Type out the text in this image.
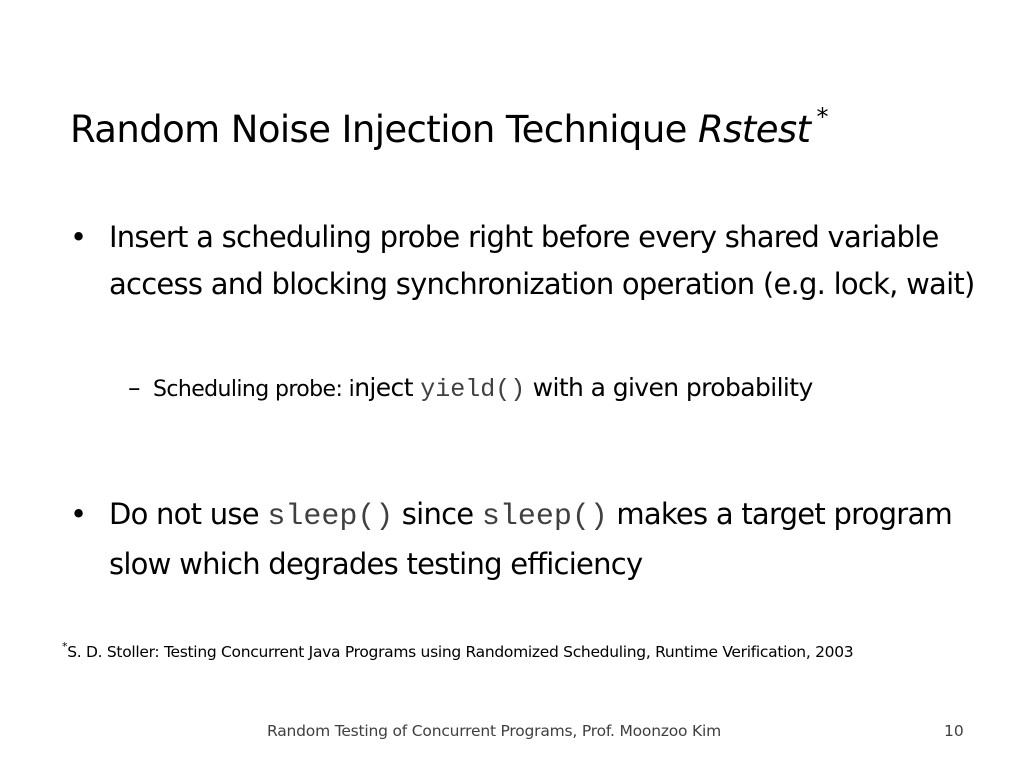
Random Noise Injection Technique Rstest *
• Insert a scheduling probe right before every shared variable access and blocking synchronization operation (e.g. lock, wait)
– Scheduling probe: inject yield() with a given probability
• Do not use sleep() since sleep() makes a target program slow which degrades testing efficiency
*S. D. Stoller: Testing Concurrent Java Programs using Randomized Scheduling, Runtime Verification, 2003
Random Testing of Concurrent Programs, Prof. Moonzoo Kim	10
